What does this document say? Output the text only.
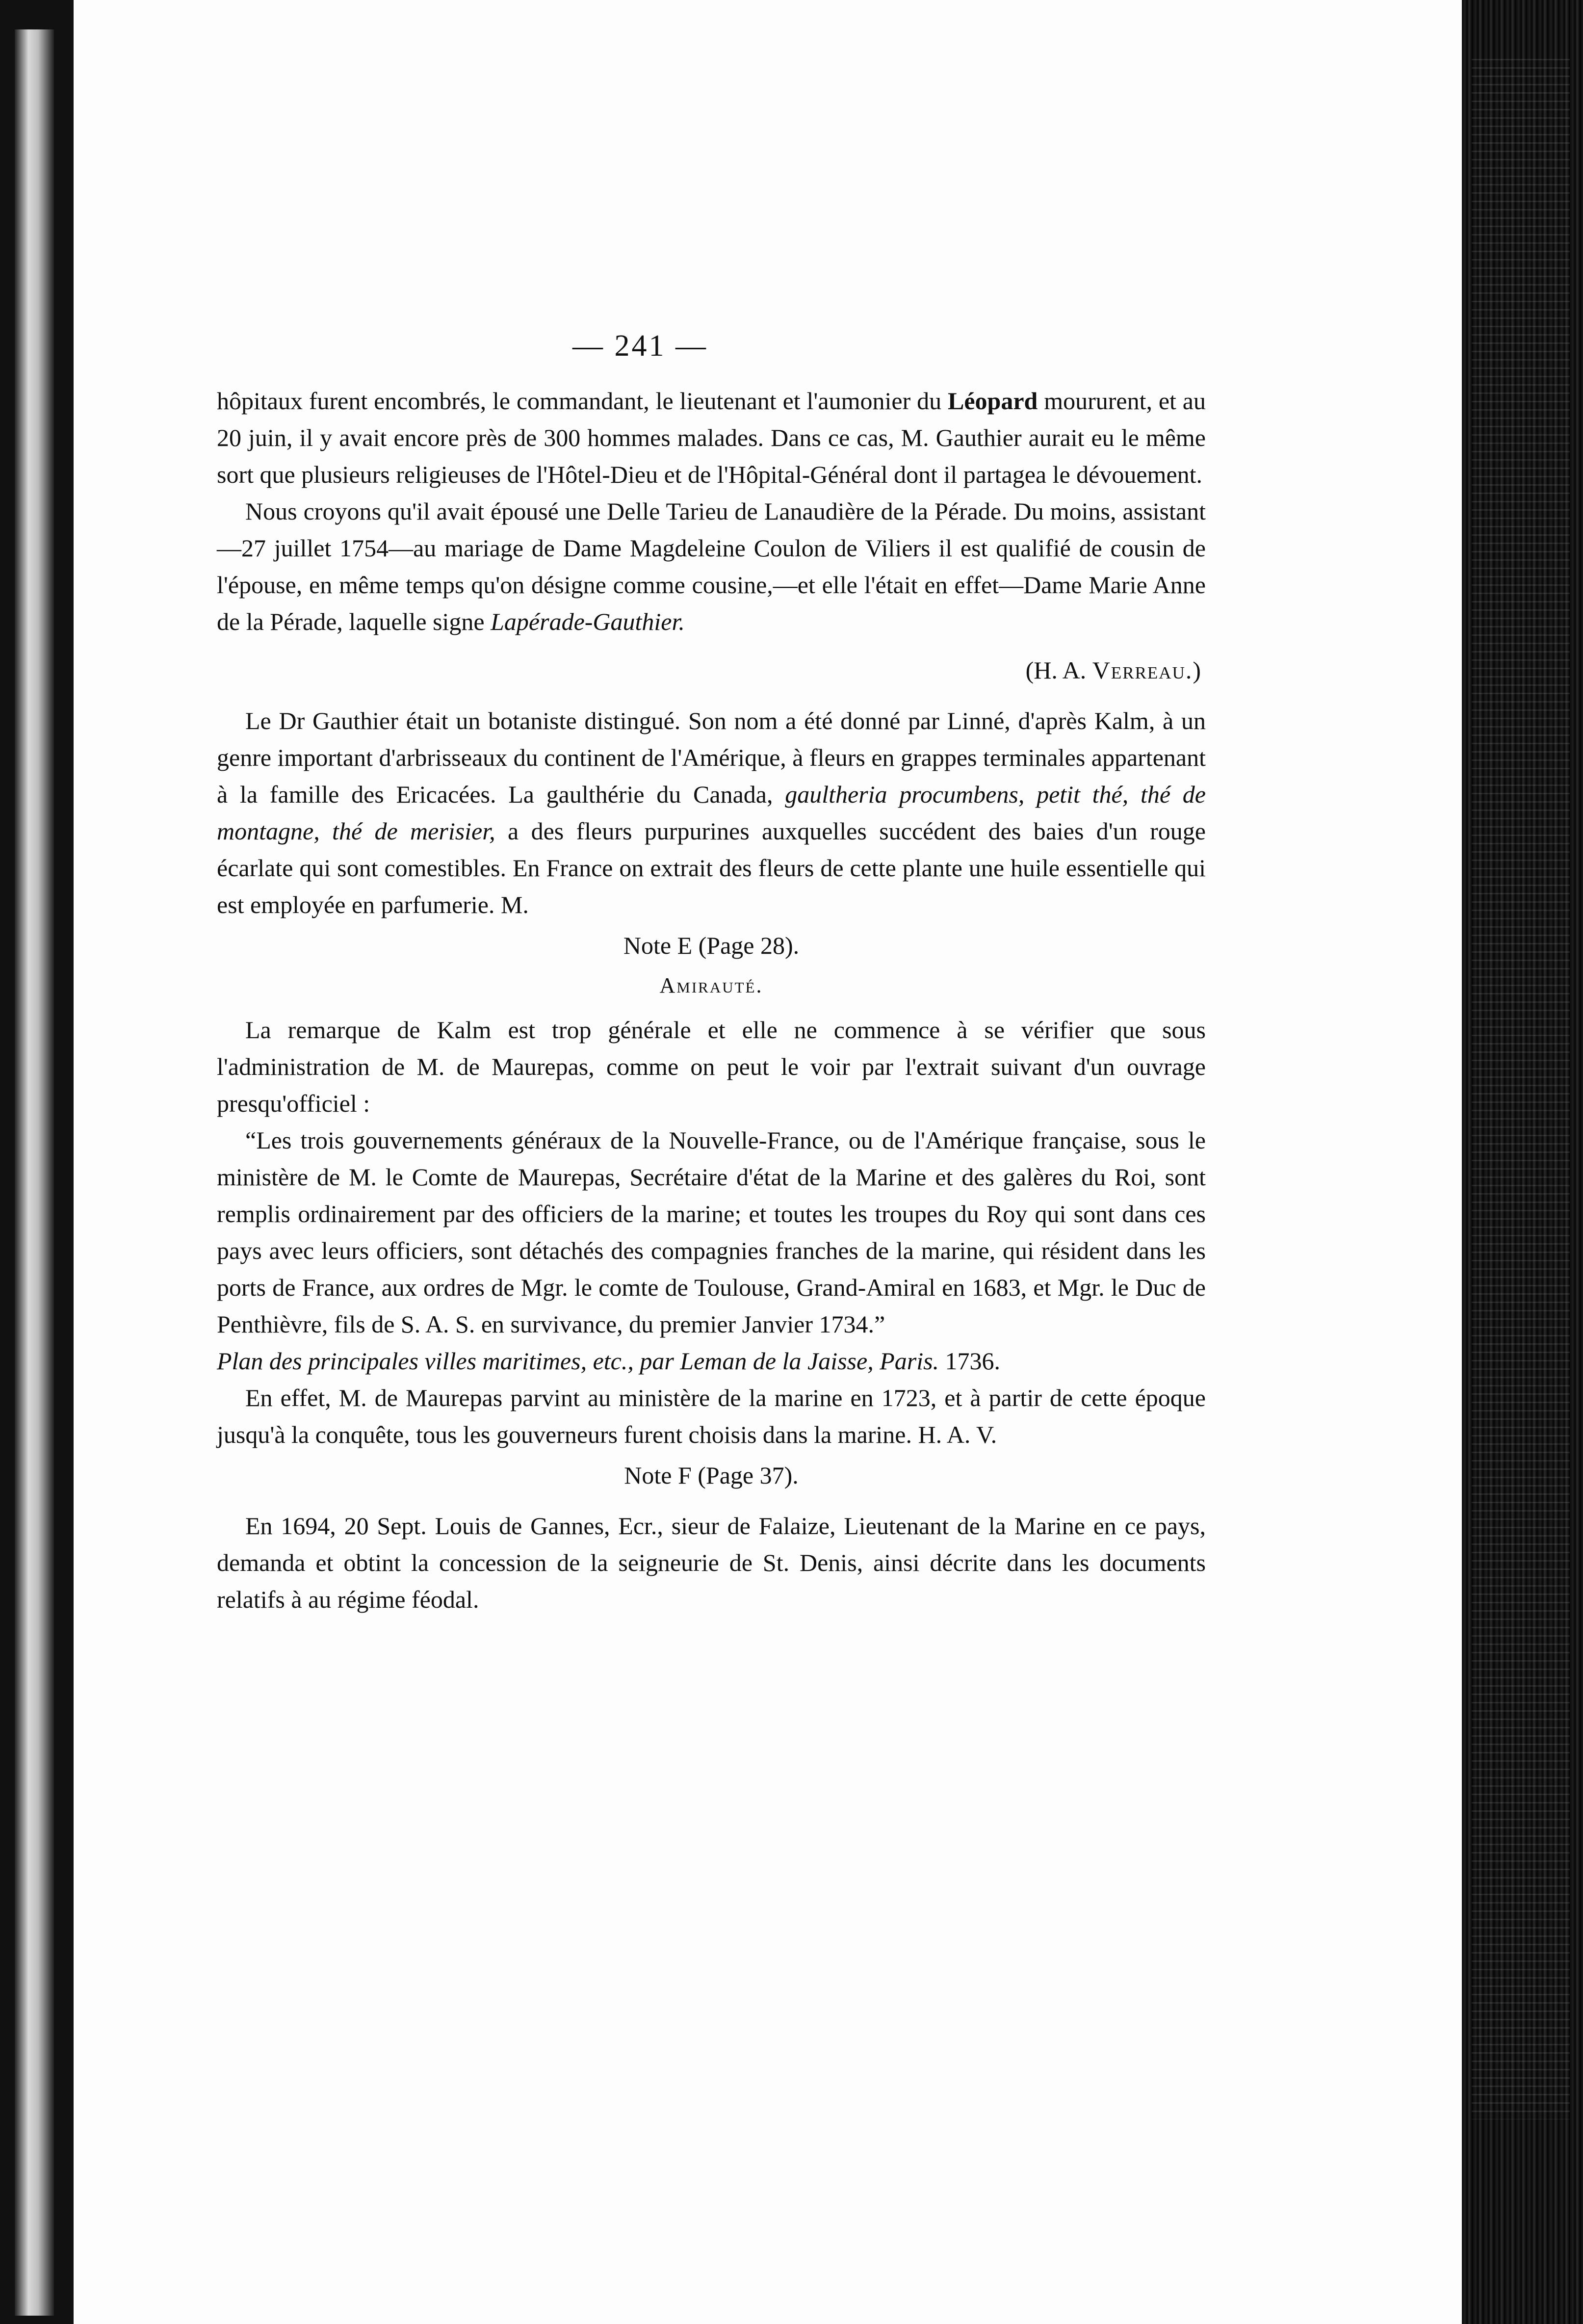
— 241 —

hôpitaux furent encombrés, le commandant, le lieutenant et l'aumonier du Léopard moururent, et au 20 juin, il y avait encore près de 300 hommes malades. Dans ce cas, M. Gauthier aurait eu le même sort que plusieurs religieuses de l'Hôtel-Dieu et de l'Hôpital-Général dont il partagea le dévouement.

Nous croyons qu'il avait épousé une Delle Tarieu de Lanaudière de la Pérade. Du moins, assistant—27 juillet 1754—au mariage de Dame Magdeleine Coulon de Viliers il est qualifié de cousin de l'épouse, en même temps qu'on désigne comme cousine,—et elle l'était en effet—Dame Marie Anne de la Pérade, laquelle signe Lapérade-Gauthier.

(H. A. Verreau.)

Le Dr Gauthier était un botaniste distingué. Son nom a été donné par Linné, d'après Kalm, à un genre important d'arbrisseaux du continent de l'Amérique, à fleurs en grappes terminales appartenant à la famille des Ericacées. La gaulthérie du Canada, gaultheria procumbens, petit thé, thé de montagne, thé de merisier, a des fleurs purpurines auxquelles succédent des baies d'un rouge écarlate qui sont comestibles. En France on extrait des fleurs de cette plante une huile essentielle qui est employée en parfumerie. M.

Note E (Page 28).

Amirauté.

La remarque de Kalm est trop générale et elle ne commence à se vérifier que sous l'administration de M. de Maurepas, comme on peut le voir par l'extrait suivant d'un ouvrage presqu'officiel :

“Les trois gouvernements généraux de la Nouvelle-France, ou de l'Amérique française, sous le ministère de M. le Comte de Maurepas, Secrétaire d'état de la Marine et des galères du Roi, sont remplis ordinairement par des officiers de la marine; et toutes les troupes du Roy qui sont dans ces pays avec leurs officiers, sont détachés des compagnies franches de la marine, qui résident dans les ports de France, aux ordres de Mgr. le comte de Toulouse, Grand-Amiral en 1683, et Mgr. le Duc de Penthièvre, fils de S. A. S. en survivance, du premier Janvier 1734.”

Plan des principales villes maritimes, etc., par Leman de la Jaisse, Paris. 1736.

En effet, M. de Maurepas parvint au ministère de la marine en 1723, et à partir de cette époque jusqu'à la conquête, tous les gouverneurs furent choisis dans la marine. H. A. V.

Note F (Page 37).

En 1694, 20 Sept. Louis de Gannes, Ecr., sieur de Falaize, Lieutenant de la Marine en ce pays, demanda et obtint la concession de la seigneurie de St. Denis, ainsi décrite dans les documents relatifs à au régime féodal.
